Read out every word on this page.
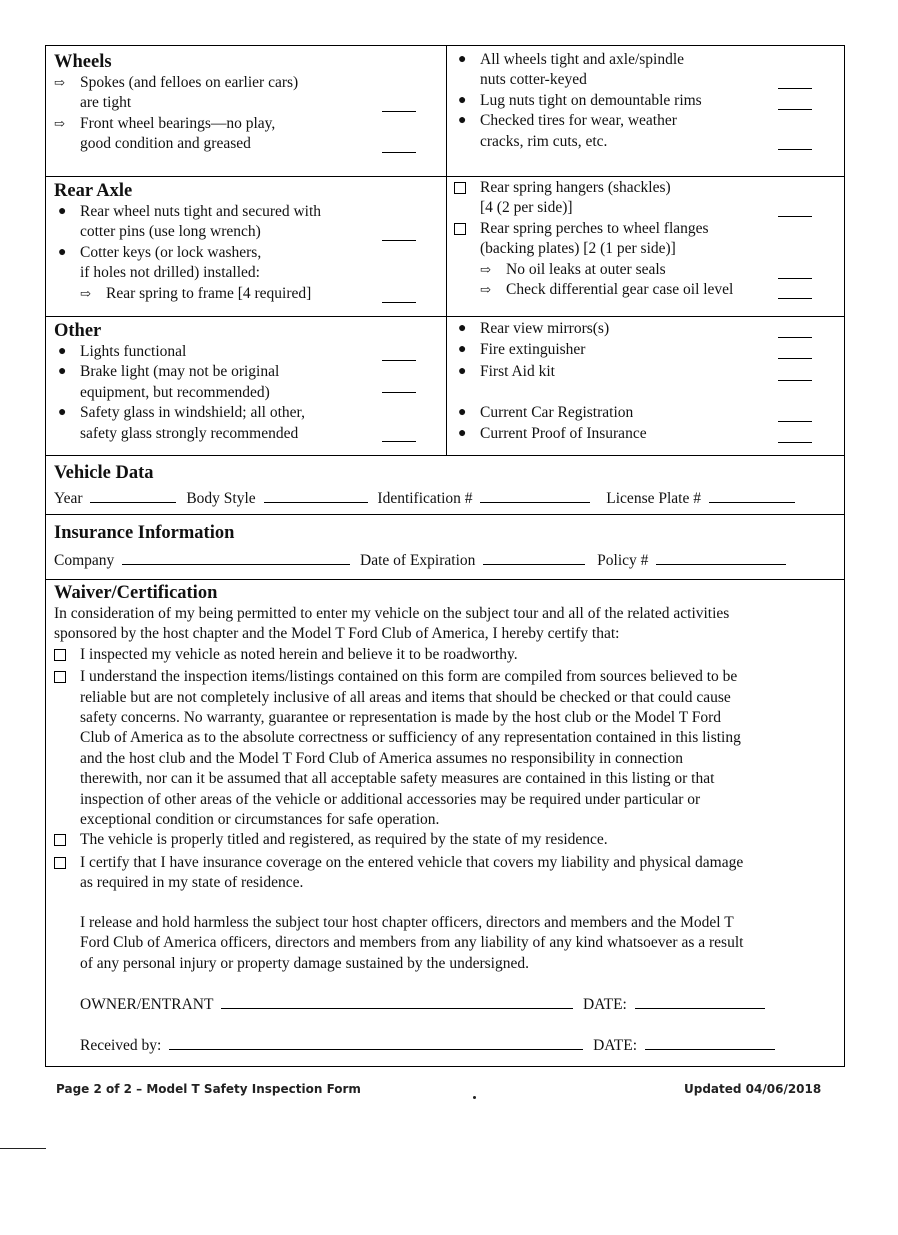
Wheels
⇨ Spokes (and felloes on earlier cars)
are tight
⇨ Front wheel bearings—no play,
good condition and greased
● All wheels tight and axle/spindle
nuts cotter-keyed
● Lug nuts tight on demountable rims
● Checked tires for wear, weather
cracks, rim cuts, etc.
Rear Axle
● Rear wheel nuts tight and secured with
cotter pins (use long wrench)
● Cotter keys (or lock washers,
if holes not drilled) installed:
⇨ Rear spring to frame [4 required]
Rear spring hangers (shackles)
[4 (2 per side)]
Rear spring perches to wheel flanges
(backing plates) [2 (1 per side)]
⇨ No oil leaks at outer seals
⇨ Check differential gear case oil level
Other
● Lights functional
● Brake light (may not be original
equipment, but recommended)
● Safety glass in windshield; all other,
safety glass strongly recommended
● Rear view mirrors(s)
● Fire extinguisher
● First Aid kit
● Current Car Registration
● Current Proof of Insurance
Vehicle Data
Year	Body Style	Identification #	License Plate #
Insurance Information
Company	Date of Expiration	Policy #
Waiver/Certification
In consideration of my being permitted to enter my vehicle on the subject tour and all of the related activities
sponsored by the host chapter and the Model T Ford Club of America, I hereby certify that:
I inspected my vehicle as noted herein and believe it to be roadworthy.
I understand the inspection items/listings contained on this form are compiled from sources believed to be
reliable but are not completely inclusive of all areas and items that should be checked or that could cause
safety concerns. No warranty, guarantee or representation is made by the host club or the Model T Ford
Club of America as to the absolute correctness or sufficiency of any representation contained in this listing
and the host club and the Model T Ford Club of America assumes no responsibility in connection
therewith, nor can it be assumed that all acceptable safety measures are contained in this listing or that
inspection of other areas of the vehicle or additional accessories may be required under particular or
exceptional condition or circumstances for safe operation.
The vehicle is properly titled and registered, as required by the state of my residence.
I certify that I have insurance coverage on the entered vehicle that covers my liability and physical damage
as required in my state of residence.
I release and hold harmless the subject tour host chapter officers, directors and members and the Model T
Ford Club of America officers, directors and members from any liability of any kind whatsoever as a result
of any personal injury or property damage sustained by the undersigned.
OWNER/ENTRANT	DATE:
Received by:	DATE:
Page 2 of 2 – Model T Safety Inspection Form	Updated 04/06/2018
